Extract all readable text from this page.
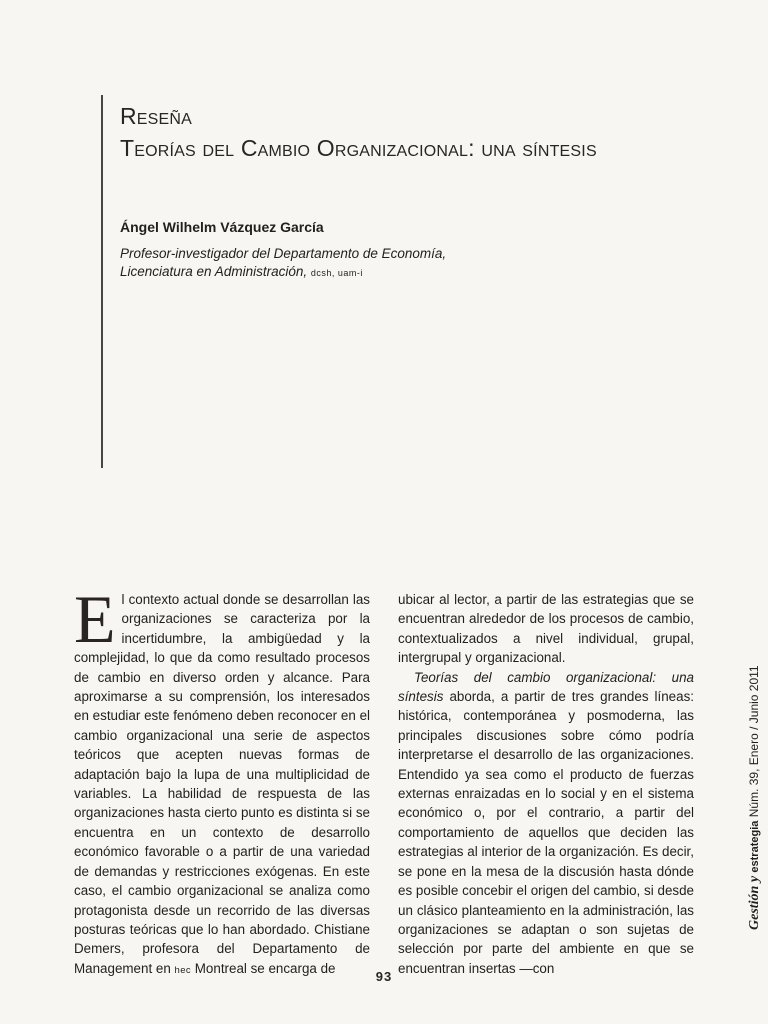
Reseña
Teorías del Cambio Organizacional: una síntesis
Ángel Wilhelm Vázquez García
Profesor-investigador del Departamento de Economía,
Licenciatura en Administración, dcsh, uam-i

El contexto actual donde se desarrollan las organizaciones se caracteriza por la incertidumbre, la ambigüedad y la complejidad, lo que da como resultado procesos de cambio en diverso orden y alcance. Para aproximarse a su comprensión, los interesados en estudiar este fenómeno deben reconocer en el cambio organizacional una serie de aspectos teóricos que acepten nuevas formas de adaptación bajo la lupa de una multiplicidad de variables. La habilidad de respuesta de las organizaciones hasta cierto punto es distinta si se encuentra en un contexto de desarrollo económico favorable o a partir de una variedad de demandas y restricciones exógenas. En este caso, el cambio organizacional se analiza como protagonista desde un recorrido de las diversas posturas teóricas que lo han abordado. Chistiane Demers, profesora del Departamento de Management en hec Montreal se encarga de

ubicar al lector, a partir de las estrategias que se encuentran alrededor de los procesos de cambio, contextualizados a nivel individual, grupal, intergrupal y organizacional.

Teorías del cambio organizacional: una síntesis aborda, a partir de tres grandes líneas: histórica, contemporánea y posmoderna, las principales discusiones sobre cómo podría interpretarse el desarrollo de las organizaciones. Entendido ya sea como el producto de fuerzas externas enraizadas en lo social y en el sistema económico o, por el contrario, a partir del comportamiento de aquellos que deciden las estrategias al interior de la organización. Es decir, se pone en la mesa de la discusión hasta dónde es posible concebir el origen del cambio, si desde un clásico planteamiento en la administración, las organizaciones se adaptan o son sujetas de selección por parte del ambiente en que se encuentran insertas —con

Gestión y estrategia Núm. 39, Enero / Junio 2011
93
